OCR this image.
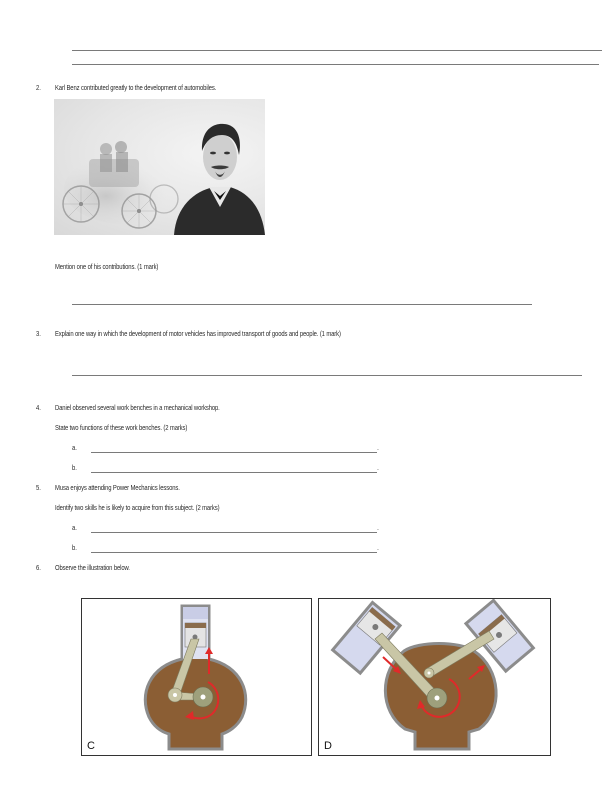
2. Karl Benz contributed greatly to the development of automobiles.
Mention one of his contributions. (1 mark)
3. Explain one way in which the development of motor vehicles has improved transport of goods and people. (1 mark)
4. Daniel observed several work benches in a mechanical workshop.
State two functions of these work benches. (2 marks)
a.	.
b.	.
5. Musa enjoys attending Power Mechanics lessons.
Identify two skills he is likely to acquire from this subject. (2 marks)
a.	.
b.	.
6. Observe the illustration below.
C	D
